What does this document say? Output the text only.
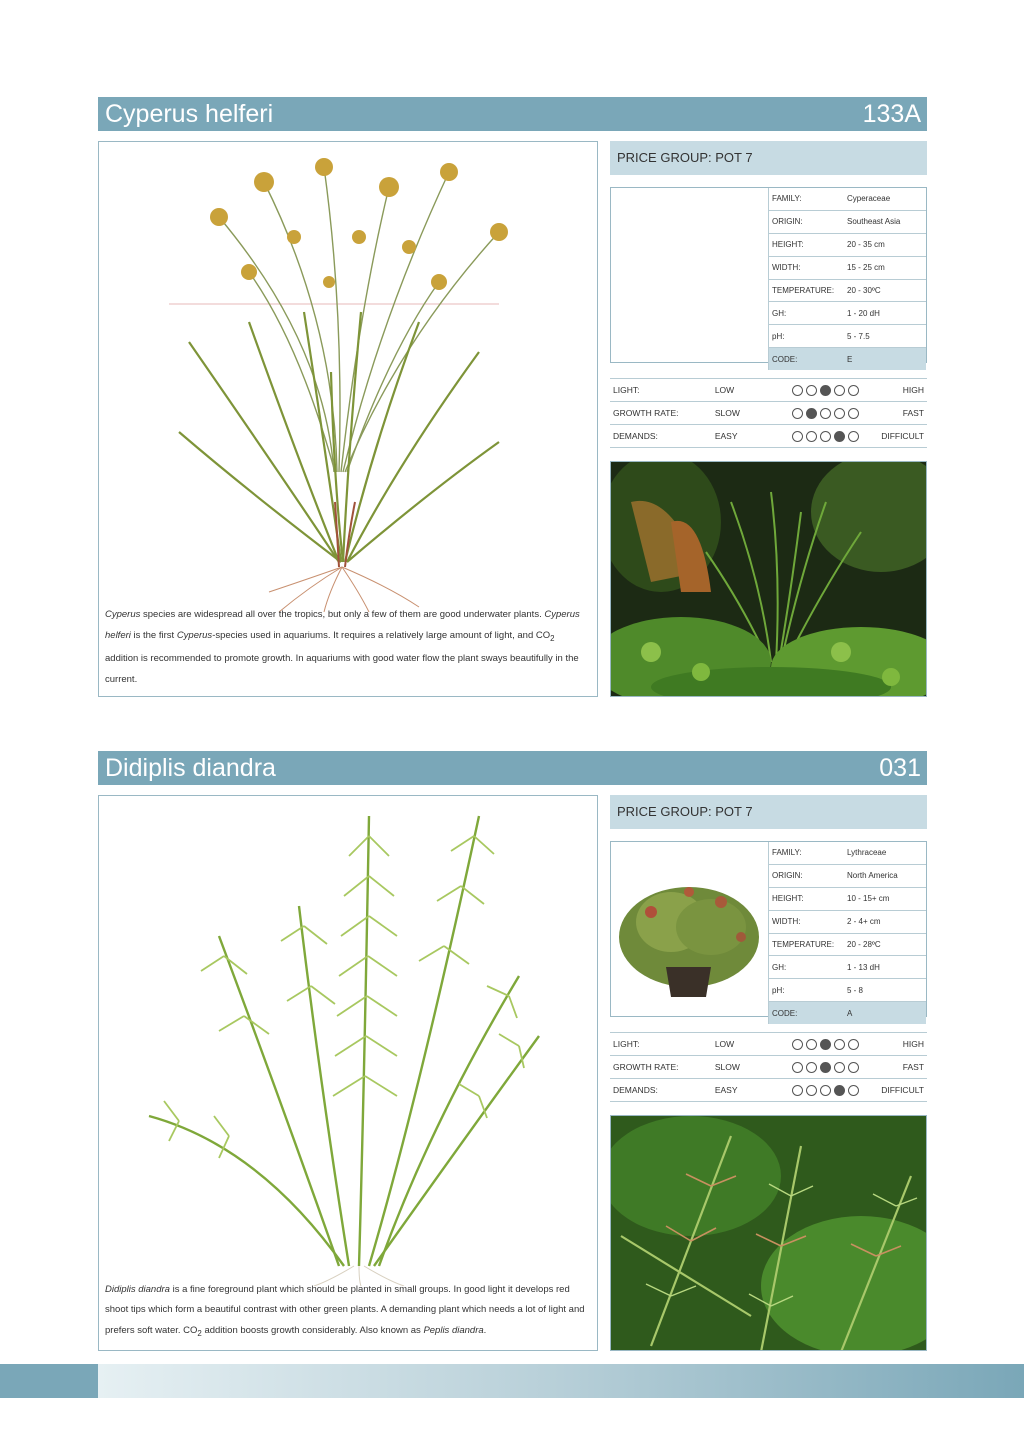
Cyperus helferi	133A
Cyperus species are widespread all over the tropics, but only a few of them are good underwater plants. Cyperus helferi is the first Cyperus-species used in aquariums. It requires a relatively large amount of light, and $CO_2$ addition is recommended to promote growth. In aquariums with good water flow the plant sways beautifully in the current.
PRICE GROUP: POT 7
FAMILY:	Cyperaceae
ORIGIN:	Southeast Asia
HEIGHT:	20 - 35 cm
WIDTH:	15 - 25 cm
TEMPERATURE:	20 - 30ºC
GH:	1 - 20 dH
pH:	5 - 7.5
CODE:	E
LIGHT:	LOW		HIGH
GROWTH RATE:	SLOW		FAST
DEMANDS:	EASY		DIFFICULT
Didiplis diandra	031
Didiplis diandra is a fine foreground plant which should be planted in small groups. In good light it develops red shoot tips which form a beautiful contrast with other green plants. A demanding plant which needs a lot of light and prefers soft water. $CO_2$ addition boosts growth considerably. Also known as Peplis diandra.
PRICE GROUP: POT 7
FAMILY:	Lythraceae
ORIGIN:	North America
HEIGHT:	10 - 15+ cm
WIDTH:	2 - 4+ cm
TEMPERATURE:	20 - 28ºC
GH:	1 - 13 dH
pH:	5 - 8
CODE:	A
LIGHT:	LOW		HIGH
GROWTH RATE:	SLOW		FAST
DEMANDS:	EASY		DIFFICULT
